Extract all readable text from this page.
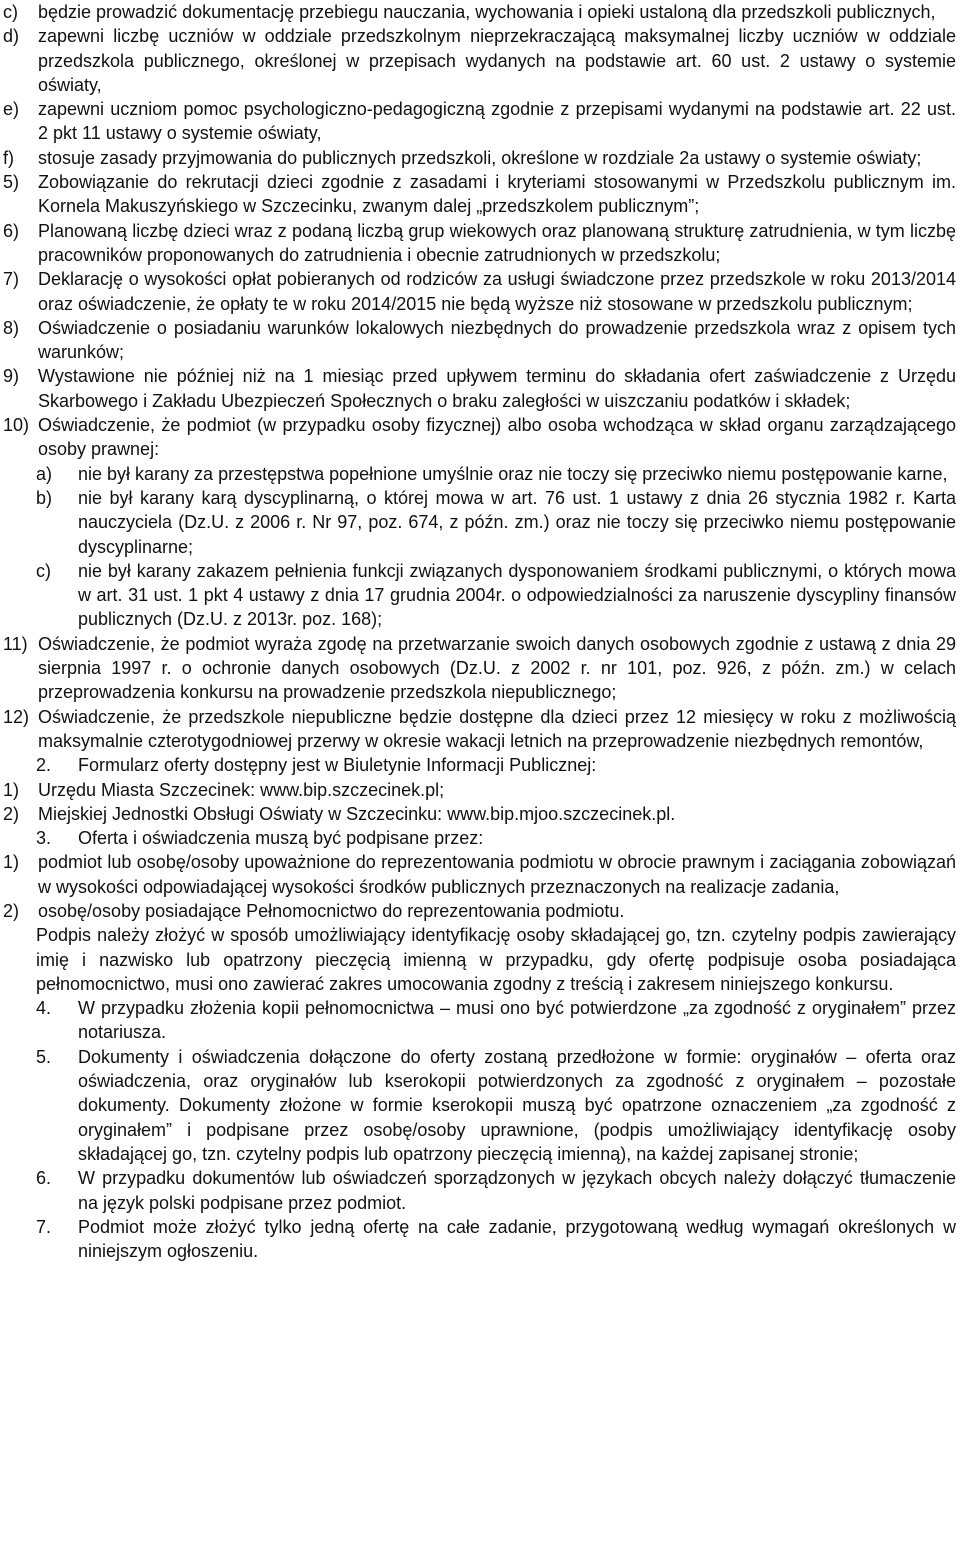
c)	będzie prowadzić dokumentację przebiegu nauczania, wychowania i opieki ustaloną dla przedszkoli publicznych,
d)	zapewni liczbę uczniów w oddziale przedszkolnym nieprzekraczającą maksymalnej liczby uczniów w oddziale przedszkola publicznego, określonej w przepisach wydanych na podstawie art. 60 ust. 2 ustawy o systemie oświaty,
e)	zapewni uczniom pomoc psychologiczno-pedagogiczną zgodnie z przepisami wydanymi na podstawie art. 22 ust. 2 pkt 11 ustawy o systemie oświaty,
f)	stosuje zasady przyjmowania do publicznych przedszkoli, określone w rozdziale 2a ustawy o systemie oświaty;
5)	Zobowiązanie do rekrutacji dzieci zgodnie z zasadami i kryteriami stosowanymi w Przedszkolu publicznym im. Kornela Makuszyńskiego w Szczecinku, zwanym dalej „przedszkolem publicznym”;
6)	Planowaną liczbę dzieci wraz z podaną liczbą grup wiekowych oraz planowaną strukturę zatrudnienia, w tym liczbę pracowników proponowanych do zatrudnienia i obecnie zatrudnionych w przedszkolu;
7)	Deklarację o wysokości opłat pobieranych od rodziców za usługi świadczone przez przedszkole w roku 2013/2014 oraz oświadczenie, że opłaty te w roku 2014/2015 nie będą wyższe niż stosowane w przedszkolu publicznym;
8)	Oświadczenie o posiadaniu warunków lokalowych niezbędnych do prowadzenie przedszkola wraz z opisem tych warunków;
9)	Wystawione nie później niż na 1 miesiąc przed upływem terminu do składania ofert zaświadczenie z Urzędu Skarbowego i Zakładu Ubezpieczeń Społecznych o braku zaległości w uiszczaniu podatków i składek;
10) Oświadczenie, że podmiot (w przypadku osoby fizycznej) albo osoba wchodząca w skład organu zarządzającego osoby prawnej:
a)	nie był karany za przestępstwa popełnione umyślnie oraz nie toczy się przeciwko niemu postępowanie karne,
b)	nie był karany karą dyscyplinarną, o której mowa w art. 76 ust. 1 ustawy z dnia 26 stycznia 1982 r. Karta nauczyciela (Dz.U. z 2006 r. Nr 97, poz. 674, z późn. zm.) oraz nie toczy się przeciwko niemu postępowanie dyscyplinarne;
c)	nie był karany zakazem pełnienia funkcji związanych dysponowaniem środkami publicznymi, o których mowa w art. 31 ust. 1 pkt 4 ustawy z dnia 17 grudnia 2004r. o odpowiedzialności za naruszenie dyscypliny finansów publicznych (Dz.U. z 2013r. poz. 168);
11) Oświadczenie, że podmiot wyraża zgodę na przetwarzanie swoich danych osobowych zgodnie z ustawą z dnia 29 sierpnia 1997 r. o ochronie danych osobowych (Dz.U. z 2002 r. nr 101, poz. 926, z późn. zm.) w celach przeprowadzenia konkursu na prowadzenie przedszkola niepublicznego;
12) Oświadczenie, że przedszkole niepubliczne będzie dostępne dla dzieci przez 12 miesięcy w roku z możliwością maksymalnie czterotygodniowej przerwy w okresie wakacji letnich na przeprowadzenie niezbędnych remontów,
2.	Formularz oferty dostępny jest w Biuletynie Informacji Publicznej:
1)	Urzędu Miasta Szczecinek: www.bip.szczecinek.pl;
2)	Miejskiej Jednostki Obsługi Oświaty w Szczecinku: www.bip.mjoo.szczecinek.pl.
3.	Oferta i oświadczenia muszą być podpisane przez:
1)	podmiot lub osobę/osoby upoważnione do reprezentowania podmiotu w obrocie prawnym i zaciągania zobowiązań w wysokości odpowiadającej wysokości środków publicznych przeznaczonych na realizacje zadania,
2)	osobę/osoby posiadające Pełnomocnictwo do reprezentowania podmiotu.
Podpis należy złożyć w sposób umożliwiający identyfikację osoby składającej go, tzn. czytelny podpis zawierający imię i nazwisko lub opatrzony pieczęcią imienną w przypadku, gdy ofertę podpisuje osoba posiadająca pełnomocnictwo, musi ono zawierać zakres umocowania zgodny z treścią i zakresem niniejszego konkursu.
4.	W przypadku złożenia kopii pełnomocnictwa – musi ono być potwierdzone „za zgodność z oryginałem” przez notariusza.
5.	Dokumenty i oświadczenia dołączone do oferty zostaną przedłożone w formie: oryginałów – oferta oraz oświadczenia, oraz oryginałów lub kserokopii potwierdzonych za zgodność z oryginałem – pozostałe dokumenty. Dokumenty złożone w formie kserokopii muszą być opatrzone oznaczeniem „za zgodność z oryginałem” i podpisane przez osobę/osoby uprawnione, (podpis umożliwiający identyfikację osoby składającej go, tzn. czytelny podpis lub opatrzony pieczęcią imienną), na każdej zapisanej stronie;
6.	W przypadku dokumentów lub oświadczeń sporządzonych w językach obcych należy dołączyć tłumaczenie na język polski podpisane przez podmiot.
7.	Podmiot może złożyć tylko jedną ofertę na całe zadanie, przygotowaną według wymagań określonych w niniejszym ogłoszeniu.
